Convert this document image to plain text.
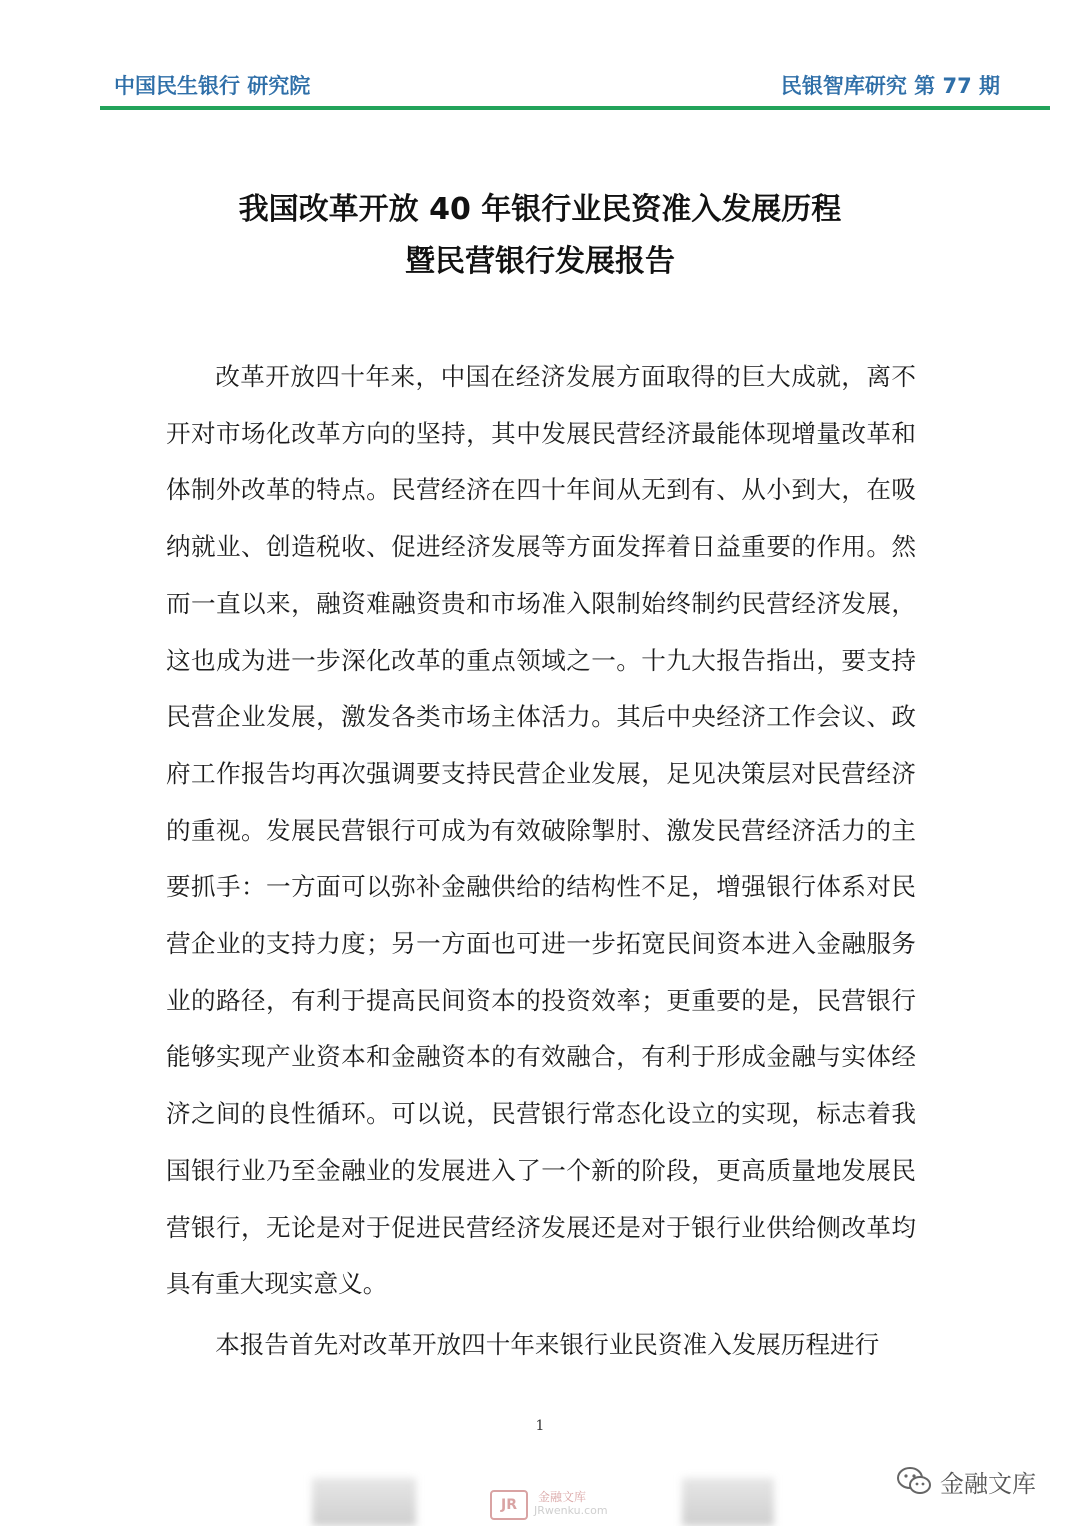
中国民生银行 研究院	民银智库研究 第 77 期
我国改革开放 40 年银行业民资准入发展历程
暨民营银行发展报告

改革开放四十年来，中国在经济发展方面取得的巨大成就，离不开对市场化改革方向的坚持，其中发展民营经济最能体现增量改革和体制外改革的特点。民营经济在四十年间从无到有、从小到大，在吸纳就业、创造税收、促进经济发展等方面发挥着日益重要的作用。然而一直以来，融资难融资贵和市场准入限制始终制约民营经济发展，这也成为进一步深化改革的重点领域之一。十九大报告指出，要支持民营企业发展，激发各类市场主体活力。其后中央经济工作会议、政府工作报告均再次强调要支持民营企业发展，足见决策层对民营经济的重视。发展民营银行可成为有效破除掣肘、激发民营经济活力的主要抓手：一方面可以弥补金融供给的结构性不足，增强银行体系对民营企业的支持力度；另一方面也可进一步拓宽民间资本进入金融服务业的路径，有利于提高民间资本的投资效率；更重要的是，民营银行能够实现产业资本和金融资本的有效融合，有利于形成金融与实体经济之间的良性循环。可以说，民营银行常态化设立的实现，标志着我国银行业乃至金融业的发展进入了一个新的阶段，更高质量地发展民营银行，无论是对于促进民营经济发展还是对于银行业供给侧改革均具有重大现实意义。

本报告首先对改革开放四十年来银行业民资准入发展历程进行

1
JR	金融文库
JRwenku.com
金融文库
